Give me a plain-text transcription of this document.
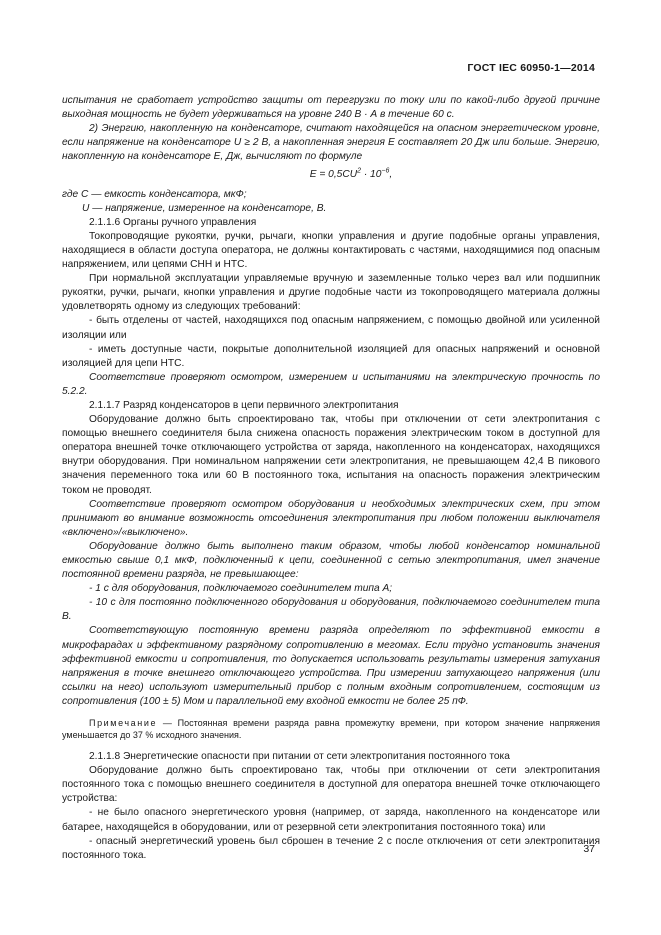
ГОСТ IEC 60950-1—2014

испытания не сработает устройство защиты от перегрузки по току или по какой-либо другой причине выходная мощность не будет удерживаться на уровне 240 В · А в течение 60 с.

2) Энергию, накопленную на конденсаторе, считают находящейся на опасном энергетическом уровне, если напряжение на конденсаторе U ≥ 2 В, а накопленная энергия E составляет 20 Дж или больше. Энергию, накопленную на конденсаторе E, Дж, вычисляют по формуле

$E = 0,5CU^2 \cdot 10^{-6}$,

где С — емкость конденсатора, мкФ;

U — напряжение, измеренное на конденсаторе, В.

2.1.1.6 Органы ручного управления

Токопроводящие рукоятки, ручки, рычаги, кнопки управления и другие подобные органы управления, находящиеся в области доступа оператора, не должны контактировать с частями, находящимися под опасным напряжением, или цепями СНН и НТС.

При нормальной эксплуатации управляемые вручную и заземленные только через вал или подшипник рукоятки, ручки, рычаги, кнопки управления и другие подобные части из токопроводящего материала должны удовлетворять одному из следующих требований:

- быть отделены от частей, находящихся под опасным напряжением, с помощью двойной или усиленной изоляции или

- иметь доступные части, покрытые дополнительной изоляцией для опасных напряжений и основной изоляцией для цепи НТС.

Соответствие проверяют осмотром, измерением и испытаниями на электрическую прочность по 5.2.2.

2.1.1.7 Разряд конденсаторов в цепи первичного электропитания

Оборудование должно быть спроектировано так, чтобы при отключении от сети электропитания с помощью внешнего соединителя была снижена опасность поражения электрическим током в доступной для оператора внешней точке отключающего устройства от заряда, накопленного на конденсаторах, находящихся внутри оборудования. При номинальном напряжении сети электропитания, не превышающем 42,4 В пикового значения переменного тока или 60 В постоянного тока, испытания на опасность поражения электрическим током не проводят.

Соответствие проверяют осмотром оборудования и необходимых электрических схем, при этом принимают во внимание возможность отсоединения электропитания при любом положении выключателя «включено»/«выключено».

Оборудование должно быть выполнено таким образом, чтобы любой конденсатор номинальной емкостью свыше 0,1 мкФ, подключенный к цепи, соединенной с сетью электропитания, имел значение постоянной времени разряда, не превышающее:

- 1 с для оборудования, подключаемого соединителем типа А;

- 10 с для постоянно подключенного оборудования и оборудования, подключаемого соединителем типа В.

Соответствующую постоянную времени разряда определяют по эффективной емкости в микрофарадах и эффективному разрядному сопротивлению в мегомах. Если трудно установить значения эффективной емкости и сопротивления, то допускается использовать результаты измерения затухания напряжения в точке внешнего отключающего устройства. При измерении затухающего напряжения (или ссылки на него) используют измерительный прибор с полным входным сопротивлением, состоящим из сопротивления (100 ± 5) Мом и параллельной ему входной емкости не более 25 пФ.

Примечание — Постоянная времени разряда равна промежутку времени, при котором значение напряжения уменьшается до 37 % исходного значения.

2.1.1.8 Энергетические опасности при питании от сети электропитания постоянного тока

Оборудование должно быть спроектировано так, чтобы при отключении от сети электропитания постоянного тока с помощью внешнего соединителя в доступной для оператора внешней точке отключающего устройства:

- не было опасного энергетического уровня (например, от заряда, накопленного на конденсаторе или батарее, находящейся в оборудовании, или от резервной сети электропитания постоянного тока) или

- опасный энергетический уровень был сброшен в течение 2 с после отключения от сети электропитания постоянного тока.

37
